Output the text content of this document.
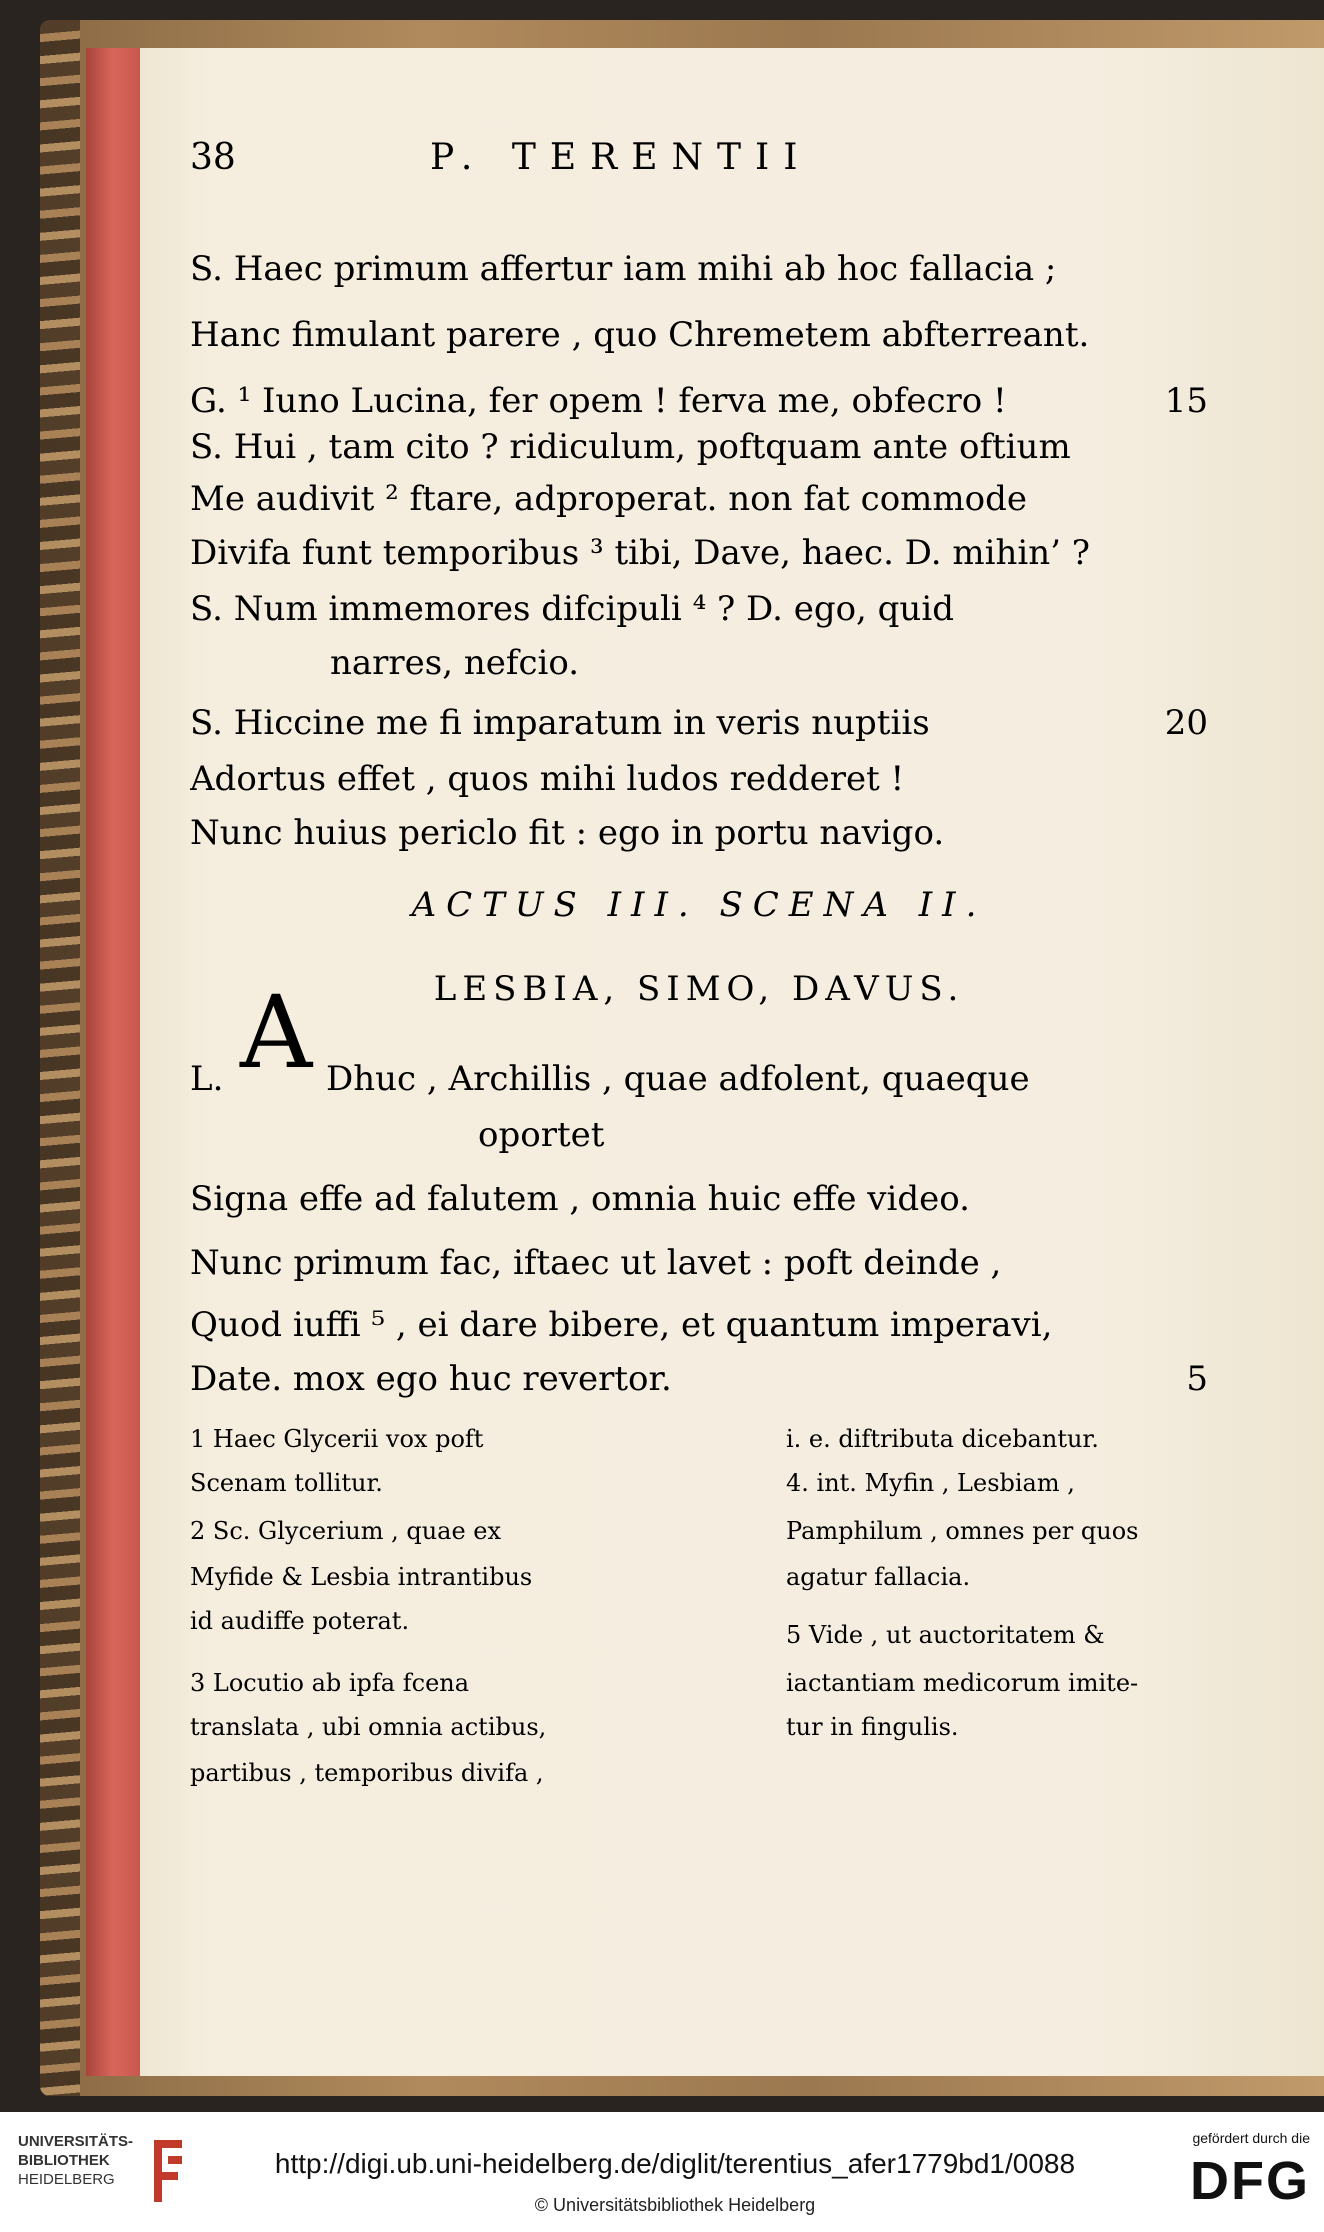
38	P. TERENTII
S. Haec primum affertur iam mihi ab hoc fallacia ;
Hanc fimulant parere , quo Chremetem abfterreant.
G. ¹ Iuno Lucina, fer opem ! ferva me, obfecro !	15
S. Hui , tam cito ? ridiculum, poftquam ante oftium
Me audivit ² ftare, adproperat. non fat commode
Divifa funt temporibus ³ tibi, Dave, haec. D. mihin’ ?
S. Num immemores difcipuli ⁴ ? D. ego, quid
narres, nefcio.
S. Hiccine me fi imparatum in veris nuptiis	20
Adortus effet , quos mihi ludos redderet !
Nunc huius periclo fit : ego in portu navigo.
ACTUS III. SCENA II.
LESBIA, SIMO, DAVUS.
L. A Dhuc , Archillis , quae adfolent, quaeque
oportet
Signa effe ad falutem , omnia huic effe video.
Nunc primum fac, iftaec ut lavet : poft deinde ,
Quod iuffi ⁵ , ei dare bibere, et quantum imperavi,
Date. mox ego huc revertor.	5
1 Haec Glycerii vox poft
Scenam tollitur.
2 Sc. Glycerium , quae ex
Myfide & Lesbia intrantibus
id audiffe poterat.
3 Locutio ab ipfa fcena
translata , ubi omnia actibus,
partibus , temporibus divifa ,
i. e. diftributa dicebantur.
4. int. Myfin , Lesbiam ,
Pamphilum , omnes per quos
agatur fallacia.
5 Vide , ut auctoritatem &
iactantiam medicorum imite-
tur in fingulis.
UNIVERSITÄTS-
BIBLIOTHEK
HEIDELBERG
http://digi.ub.uni-heidelberg.de/diglit/terentius_afer1779bd1/0088
© Universitätsbibliothek Heidelberg
gefördert durch die
DFG
